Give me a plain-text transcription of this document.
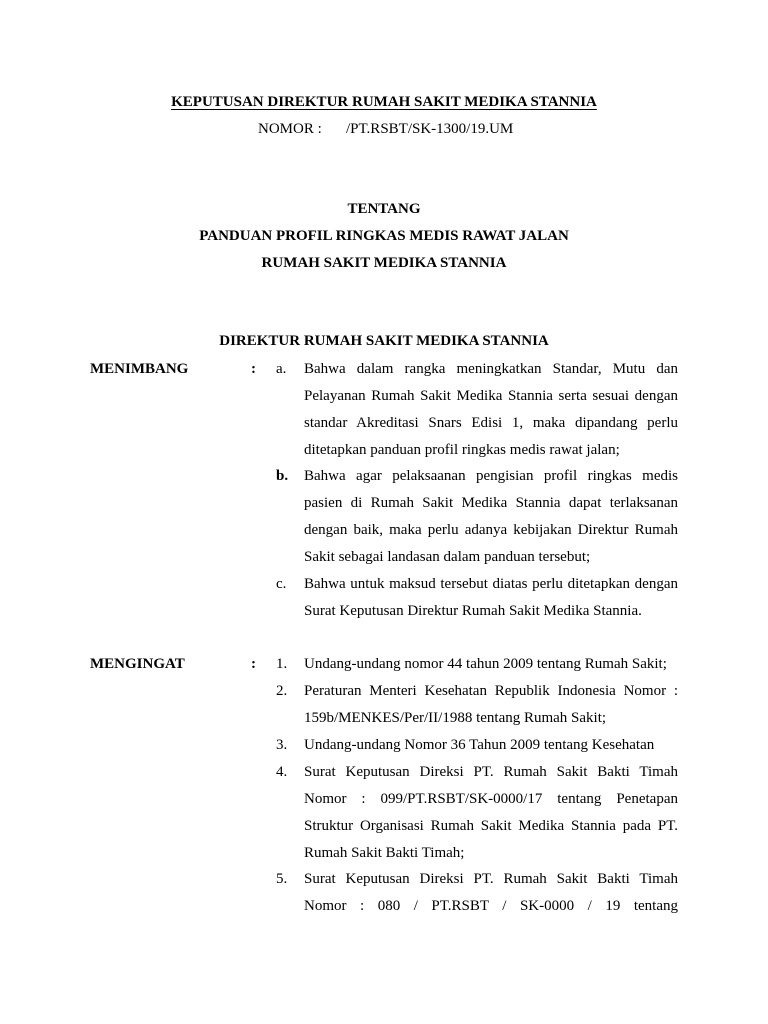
KEPUTUSAN DIREKTUR RUMAH SAKIT MEDIKA STANNIA
NOMOR : /PT.RSBT/SK-1300/19.UM
TENTANG
PANDUAN PROFIL RINGKAS MEDIS RAWAT JALAN
RUMAH SAKIT MEDIKA STANNIA
DIREKTUR RUMAH SAKIT MEDIKA STANNIA
MENIMBANG	: a. Bahwa dalam rangka meningkatkan Standar, Mutu dan Pelayanan Rumah Sakit Medika Stannia serta sesuai dengan standar Akreditasi Snars Edisi 1, maka dipandang perlu ditetapkan panduan profil ringkas medis rawat jalan;
b. Bahwa agar pelaksaanan pengisian profil ringkas medis pasien di Rumah Sakit Medika Stannia dapat terlaksanan dengan baik, maka perlu adanya kebijakan Direktur Rumah Sakit sebagai landasan dalam panduan tersebut;
c. Bahwa untuk maksud tersebut diatas perlu ditetapkan dengan Surat Keputusan Direktur Rumah Sakit Medika Stannia.
MENGINGAT	: 1. Undang-undang nomor 44 tahun 2009 tentang Rumah Sakit;
2. Peraturan Menteri Kesehatan Republik Indonesia Nomor : 159b/MENKES/Per/II/1988 tentang Rumah Sakit;
3. Undang-undang Nomor 36 Tahun 2009 tentang Kesehatan
4. Surat Keputusan Direksi PT. Rumah Sakit Bakti Timah Nomor : 099/PT.RSBT/SK-0000/17 tentang Penetapan Struktur Organisasi Rumah Sakit Medika Stannia pada PT. Rumah Sakit Bakti Timah;
5. Surat Keputusan Direksi PT. Rumah Sakit Bakti Timah Nomor : 080 / PT.RSBT / SK-0000 / 19 tentang
